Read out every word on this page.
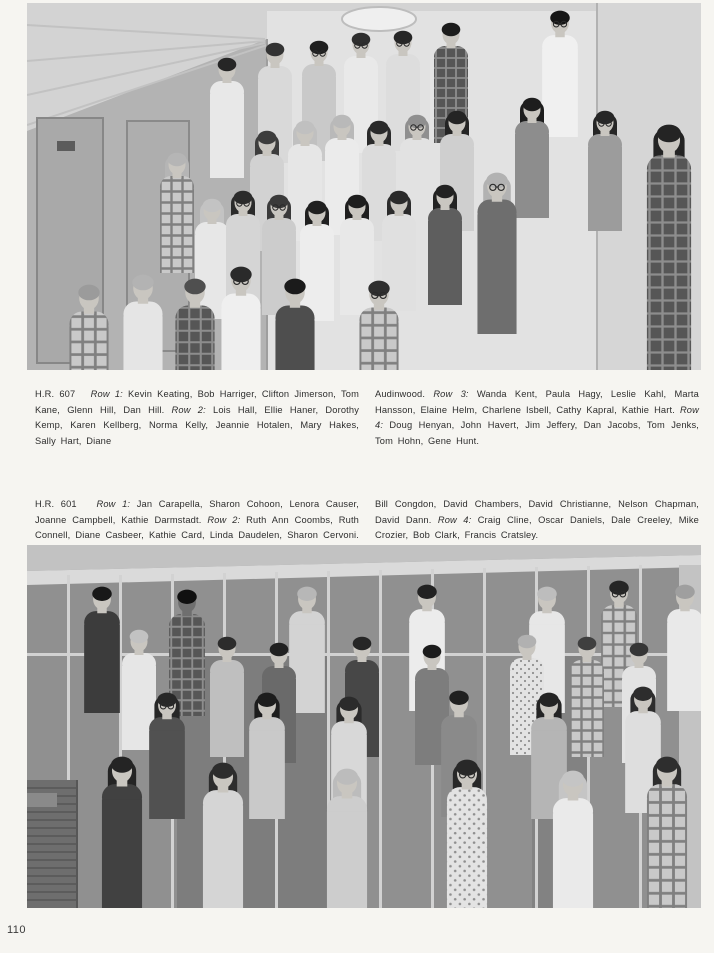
H.R. 607   Row 1: Kevin Keating, Bob Harriger, Clifton Jimerson, Tom Kane, Glenn Hill, Dan Hill. Row 2: Lois Hall, Ellie Haner, Dorothy Kemp, Karen Kellberg, Norma Kelly, Jeannie Hotalen, Mary Hakes, Sally Hart, Diane

Audinwood. Row 3: Wanda Kent, Paula Hagy, Leslie Kahl, Marta Hansson, Elaine Helm, Charlene Isbell, Cathy Kapral, Kathie Hart. Row 4: Doug Henyan, John Havert, Jim Jeffery, Dan Jacobs, Tom Jenks, Tom Hohn, Gene Hunt.

H.R. 601   Row 1: Jan Carapella, Sharon Cohoon, Lenora Causer, Joanne Campbell, Kathie Darmstadt. Row 2: Ruth Ann Coombs, Ruth Connell, Diane Casbeer, Kathie Card, Linda Daudelen, Sharon Cervoni.

Bill Congdon, David Chambers, David Christianne, Nelson Chapman, David Dann. Row 4: Craig Cline, Oscar Daniels, Dale Creeley, Mike Crozier, Bob Clark, Francis Cratsley.

110
